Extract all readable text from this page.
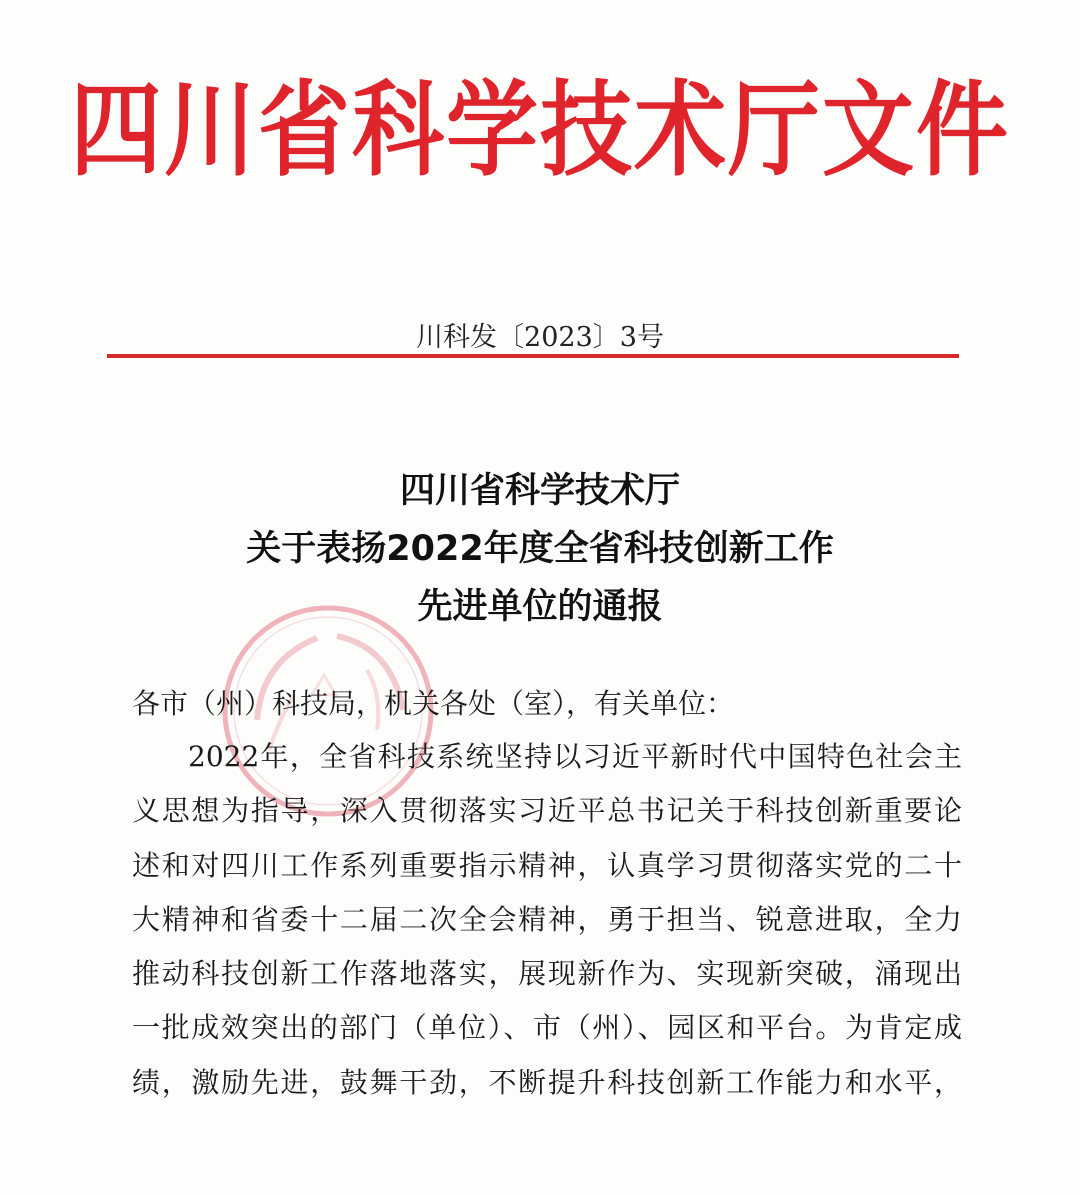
四川省科学技术厅文件
川科发〔2023〕3号
四川省科学技术厅
关于表扬2022年度全省科技创新工作
先进单位的通报
各市（州）科技局，机关各处（室），有关单位：
2022年，全省科技系统坚持以习近平新时代中国特色社会主
义思想为指导，深入贯彻落实习近平总书记关于科技创新重要论
述和对四川工作系列重要指示精神，认真学习贯彻落实党的二十
大精神和省委十二届二次全会精神，勇于担当、锐意进取，全力
推动科技创新工作落地落实，展现新作为、实现新突破，涌现出
一批成效突出的部门（单位）、市（州）、园区和平台。为肯定成
绩，激励先进，鼓舞干劲，不断提升科技创新工作能力和水平，
